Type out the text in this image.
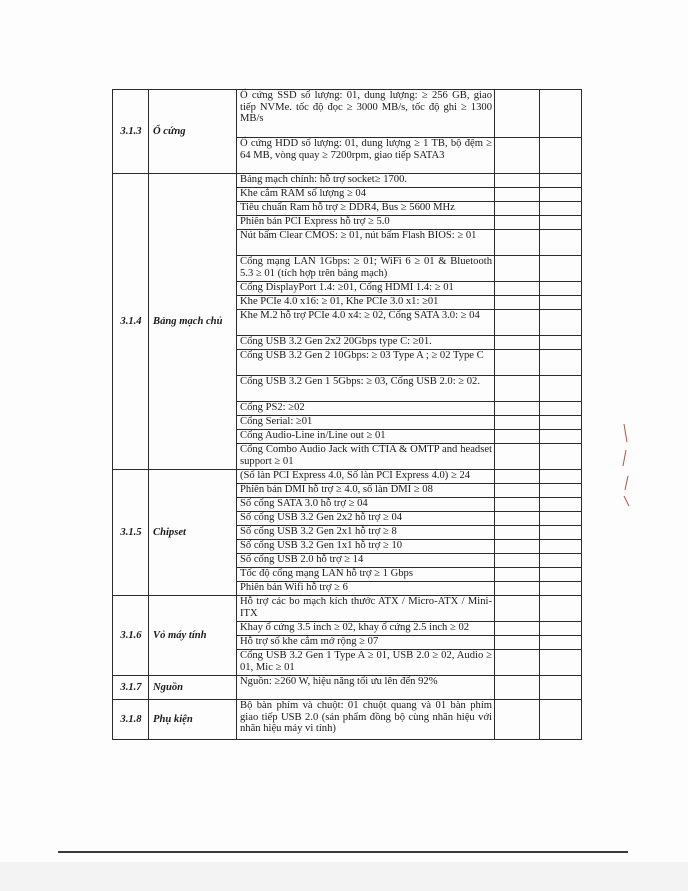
3.1.3	Ổ cứng	Ổ cứng SSD số lượng: 01, dung lượng: ≥ 256 GB, giao tiếp NVMe. tốc độ đọc ≥ 3000 MB/s, tốc độ ghi ≥ 1300 MB/s		
		Ổ cứng HDD số lượng: 01, dung lượng ≥ 1 TB, bộ đệm ≥ 64 MB, vòng quay ≥ 7200rpm, giao tiếp SATA3		
3.1.4	Bảng mạch chủ	Bảng mạch chính: hỗ trợ socket≥ 1700.		
		Khe cắm RAM số lượng ≥ 04		
		Tiêu chuẩn Ram hỗ trợ ≥ DDR4, Bus ≥ 5600 MHz		
		Phiên bản PCI Express hỗ trợ ≥ 5.0		
		Nút bấm Clear CMOS: ≥ 01, nút bấm Flash BIOS: ≥ 01		
		Cổng mạng LAN 1Gbps: ≥ 01; WiFi 6 ≥ 01 & Bluetooth 5.3 ≥ 01 (tích hợp trên bảng mạch)		
		Cổng DisplayPort 1.4: ≥01, Cổng HDMI 1.4: ≥ 01		
		Khe PCIe 4.0 x16: ≥ 01, Khe PCIe 3.0 x1: ≥01		
		Khe M.2 hỗ trợ PCIe 4.0 x4: ≥ 02, Cổng SATA 3.0: ≥ 04		
		Cổng USB 3.2 Gen 2x2 20Gbps type C: ≥01.		
		Cổng USB 3.2 Gen 2 10Gbps: ≥ 03 Type A ; ≥ 02 Type C		
		Cổng USB 3.2 Gen 1 5Gbps: ≥ 03, Cổng USB 2.0: ≥ 02.		
		Cổng PS2: ≥02		
		Cổng Serial: ≥01		
		Cổng Audio-Line in/Line out ≥ 01		
		Cổng Combo Audio Jack with CTIA & OMTP and headset support ≥ 01		
3.1.5	Chipset	(Số làn PCI Express 4.0, Số làn PCI Express 4.0) ≥ 24		
		Phiên bản DMI hỗ trợ ≥ 4.0, số làn DMI ≥ 08		
		Số cổng SATA 3.0 hỗ trợ ≥ 04		
		Số cổng USB 3.2 Gen 2x2 hỗ trợ ≥ 04		
		Số cổng USB 3.2 Gen 2x1 hỗ trợ ≥ 8		
		Số cổng USB 3.2 Gen 1x1 hỗ trợ ≥ 10		
		Số cổng USB 2.0 hỗ trợ ≥ 14		
		Tốc độ cổng mạng LAN hỗ trợ ≥ 1 Gbps		
		Phiên bản Wifi hỗ trợ ≥ 6		
3.1.6	Vỏ máy tính	Hỗ trợ các bo mạch kích thước ATX / Micro-ATX / Mini-ITX		
		Khay ổ cứng 3.5 inch ≥ 02, khay ổ cứng 2.5 inch ≥ 02		
		Hỗ trợ số khe cắm mở rộng ≥ 07		
		Cổng USB 3.2 Gen 1 Type A ≥ 01, USB 2.0 ≥ 02, Audio ≥ 01, Mic ≥ 01		
3.1.7	Nguồn	Nguồn: ≥260 W, hiệu năng tối ưu lên đến 92%		
3.1.8	Phụ kiện	Bộ bàn phím và chuột: 01 chuột quang và 01 bàn phím giao tiếp USB 2.0 (sản phẩm đồng bộ cùng nhãn hiệu với nhãn hiệu máy vi tính)		
